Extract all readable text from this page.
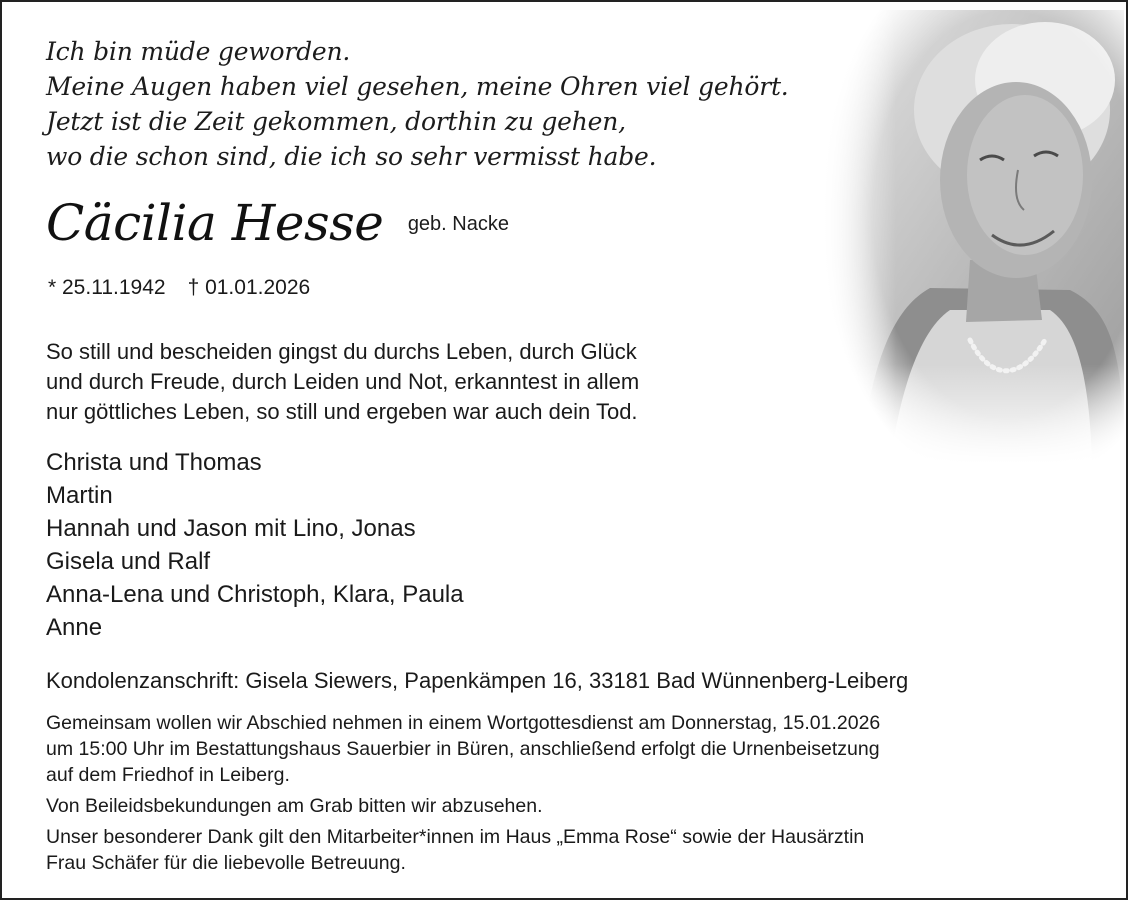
Ich bin müde geworden.
Meine Augen haben viel gesehen, meine Ohren viel gehört.
Jetzt ist die Zeit gekommen, dorthin zu gehen,
wo die schon sind, die ich so sehr vermisst habe.
Cäcilia Hesse geb. Nacke
* 25.11.1942 † 01.01.2026
So still und bescheiden gingst du durchs Leben, durch Glück
und durch Freude, durch Leiden und Not, erkanntest in allem
nur göttliches Leben, so still und ergeben war auch dein Tod.
Christa und Thomas
Martin
Hannah und Jason mit Lino, Jonas
Gisela und Ralf
Anna-Lena und Christoph, Klara, Paula
Anne
Kondolenzanschrift: Gisela Siewers, Papenkämpen 16, 33181 Bad Wünnenberg-Leiberg
Gemeinsam wollen wir Abschied nehmen in einem Wortgottesdienst am Donnerstag, 15.01.2026
um 15:00 Uhr im Bestattungshaus Sauerbier in Büren, anschließend erfolgt die Urnenbeisetzung
auf dem Friedhof in Leiberg.
Von Beileidsbekundungen am Grab bitten wir abzusehen.
Unser besonderer Dank gilt den Mitarbeiter*innen im Haus „Emma Rose“ sowie der Hausärztin
Frau Schäfer für die liebevolle Betreuung.
